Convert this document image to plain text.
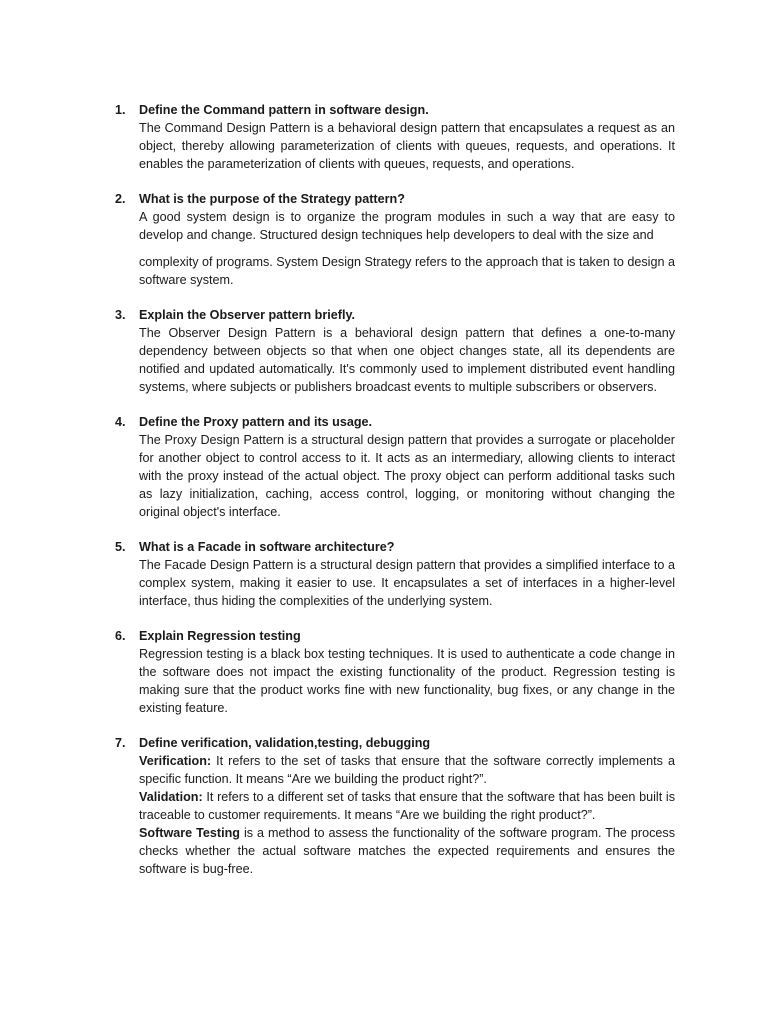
1. Define the Command pattern in software design.
The Command Design Pattern is a behavioral design pattern that encapsulates a request as an object, thereby allowing parameterization of clients with queues, requests, and operations. It enables the parameterization of clients with queues, requests, and operations.
2. What is the purpose of the Strategy pattern?
A good system design is to organize the program modules in such a way that are easy to develop and change. Structured design techniques help developers to deal with the size and
complexity of programs. System Design Strategy refers to the approach that is taken to design a software system.
3. Explain the Observer pattern briefly.
The Observer Design Pattern is a behavioral design pattern that defines a one-to-many dependency between objects so that when one object changes state, all its dependents are notified and updated automatically. It's commonly used to implement distributed event handling systems, where subjects or publishers broadcast events to multiple subscribers or observers.
4. Define the Proxy pattern and its usage.
The Proxy Design Pattern is a structural design pattern that provides a surrogate or placeholder for another object to control access to it. It acts as an intermediary, allowing clients to interact with the proxy instead of the actual object. The proxy object can perform additional tasks such as lazy initialization, caching, access control, logging, or monitoring without changing the original object's interface.
5. What is a Facade in software architecture?
The Facade Design Pattern is a structural design pattern that provides a simplified interface to a complex system, making it easier to use. It encapsulates a set of interfaces in a higher-level interface, thus hiding the complexities of the underlying system.
6. Explain Regression testing
Regression testing is a black box testing techniques. It is used to authenticate a code change in the software does not impact the existing functionality of the product. Regression testing is making sure that the product works fine with new functionality, bug fixes, or any change in the existing feature.
7. Define verification, validation,testing, debugging
Verification: It refers to the set of tasks that ensure that the software correctly implements a specific function. It means “Are we building the product right?”.
Validation: It refers to a different set of tasks that ensure that the software that has been built is traceable to customer requirements. It means “Are we building the right product?”.
Software Testing is a method to assess the functionality of the software program. The process checks whether the actual software matches the expected requirements and ensures the software is bug-free.
